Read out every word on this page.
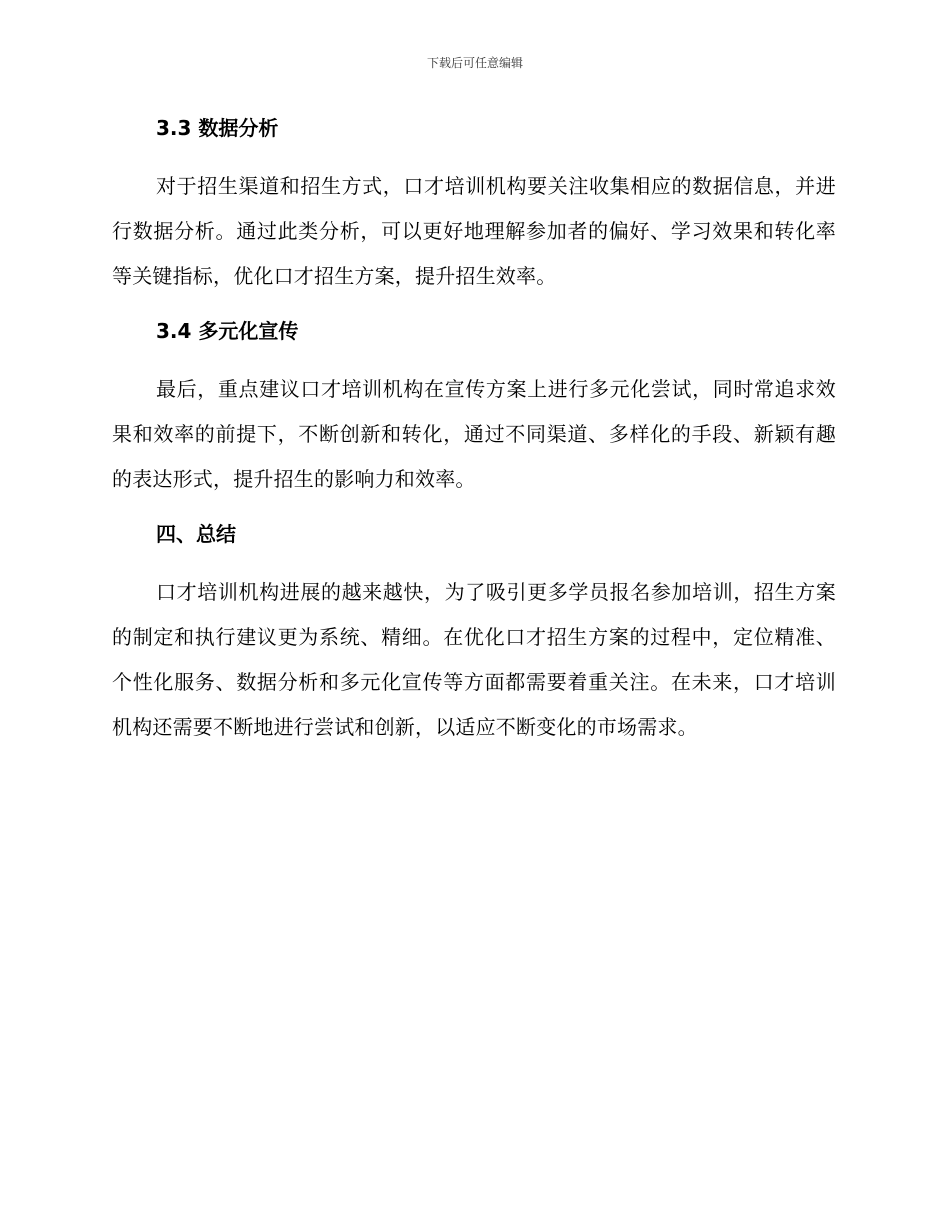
下载后可任意编辑
3.3 数据分析

对于招生渠道和招生方式，口才培训机构要关注收集相应的数据信息，并进行数据分析。通过此类分析，可以更好地理解参加者的偏好、学习效果和转化率等关键指标，优化口才招生方案，提升招生效率。

3.4 多元化宣传

最后，重点建议口才培训机构在宣传方案上进行多元化尝试，同时常追求效果和效率的前提下，不断创新和转化，通过不同渠道、多样化的手段、新颖有趣的表达形式，提升招生的影响力和效率。

四、总结

口才培训机构进展的越来越快，为了吸引更多学员报名参加培训，招生方案的制定和执行建议更为系统、精细。在优化口才招生方案的过程中，定位精准、个性化服务、数据分析和多元化宣传等方面都需要着重关注。在未来，口才培训机构还需要不断地进行尝试和创新，以适应不断变化的市场需求。
